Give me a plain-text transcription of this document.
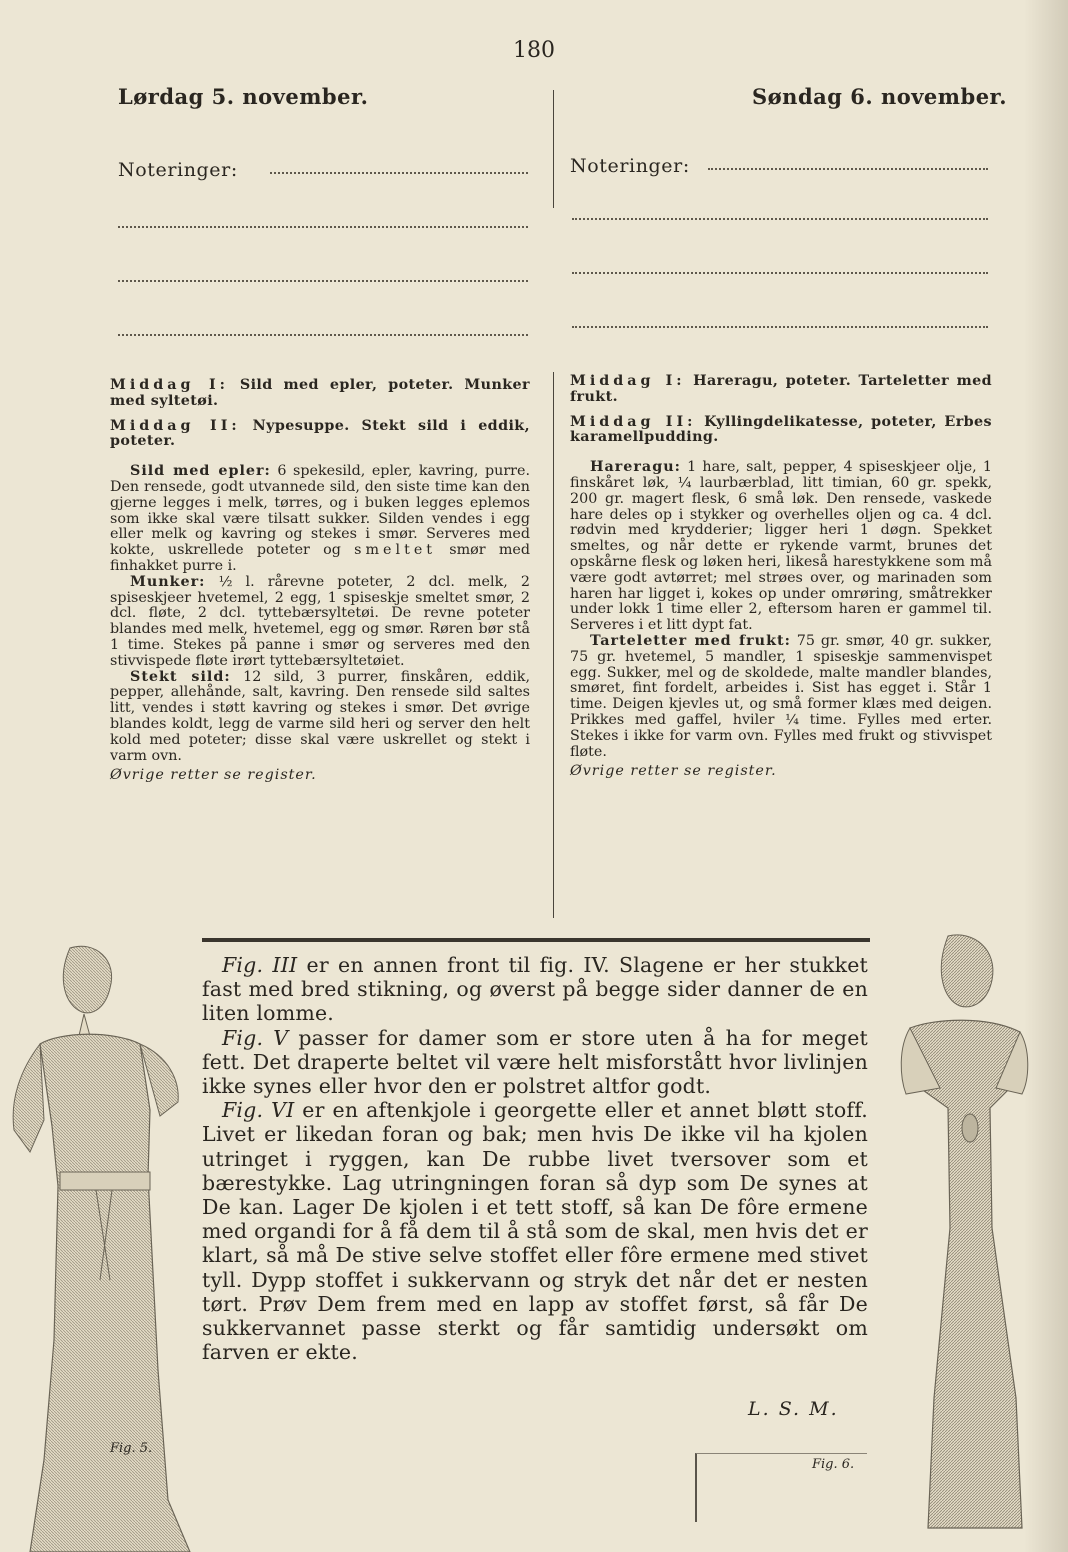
180
Lørdag 5. november.
Noteringer:
Søndag 6. november.
Noteringer:

Middag I: Sild med epler, poteter. Munker med syltetøi.

Middag II: Nypesuppe. Stekt sild i eddik, poteter.

Sild med epler: 6 spekesild, epler, kavring, purre. Den rensede, godt utvannede sild, den siste time kan den gjerne legges i melk, tørres, og i buken legges eplemos som ikke skal være tilsatt sukker. Silden vendes i egg eller melk og kavring og stekes i smør. Serveres med kokte, uskrellede poteter og smeltet smør med finhakket purre i.

Munker: ½ l. rårevne poteter, 2 dcl. melk, 2 spiseskjeer hvetemel, 2 egg, 1 spiseskje smeltet smør, 2 dcl. fløte, 2 dcl. tyttebærsyltetøi. De revne poteter blandes med melk, hvetemel, egg og smør. Røren bør stå 1 time. Stekes på panne i smør og serveres med den stivvispede fløte irørt tyttebærsyltetøiet.

Stekt sild: 12 sild, 3 purrer, finskåren, eddik, pepper, allehånde, salt, kavring. Den rensede sild saltes litt, vendes i støtt kavring og stekes i smør. Det øvrige blandes koldt, legg de varme sild heri og server den helt kold med poteter; disse skal være uskrellet og stekt i varm ovn.

Øvrige retter se register.

Middag I: Hareragu, poteter. Tarteletter med frukt.

Middag II: Kyllingdelikatesse, poteter, Erbes karamellpudding.

Hareragu: 1 hare, salt, pepper, 4 spiseskjeer olje, 1 finskåret løk, ¼ laurbærblad, litt timian, 60 gr. spekk, 200 gr. magert flesk, 6 små løk. Den rensede, vaskede hare deles op i stykker og overhelles oljen og ca. 4 dcl. rødvin med krydderier; ligger heri 1 døgn. Spekket smeltes, og når dette er rykende varmt, brunes det opskårne flesk og løken heri, likeså harestykkene som må være godt avtørret; mel strøes over, og marinaden som haren har ligget i, kokes op under omrøring, småtrekker under lokk 1 time eller 2, eftersom haren er gammel til. Serveres i et litt dypt fat.

Tarteletter med frukt: 75 gr. smør, 40 gr. sukker, 75 gr. hvetemel, 5 mandler, 1 spiseskje sammenvispet egg. Sukker, mel og de skoldede, malte mandler blandes, smøret, fint fordelt, arbeides i. Sist has egget i. Står 1 time. Deigen kjevles ut, og små former klæs med deigen. Prikkes med gaffel, hviler ¼ time. Fylles med erter. Stekes i ikke for varm ovn. Fylles med frukt og stivvispet fløte.

Øvrige retter se register.

Fig. III er en annen front til fig. IV. Slagene er her stukket fast med bred stikning, og øverst på begge sider danner de en liten lomme.

Fig. V passer for damer som er store uten å ha for meget fett. Det draperte beltet vil være helt misforstått hvor livlinjen ikke synes eller hvor den er polstret altfor godt.

Fig. VI er en aftenkjole i georgette eller et annet bløtt stoff. Livet er likedan foran og bak; men hvis De ikke vil ha kjolen utringet i ryggen, kan De rubbe livet tversover som et bærestykke. Lag utringningen foran så dyp som De synes at De kan. Lager De kjolen i et tett stoff, så kan De fôre ermene med organdi for å få dem til å stå som de skal, men hvis det er klart, så må De stive selve stoffet eller fôre ermene med stivet tyll. Dypp stoffet i sukkervann og stryk det når det er nesten tørt. Prøv Dem frem med en lapp av stoffet først, så får De sukkervannet passe sterkt og får samtidig undersøkt om farven er ekte.

L. S. M.
Fig. 5.
Fig. 6.
